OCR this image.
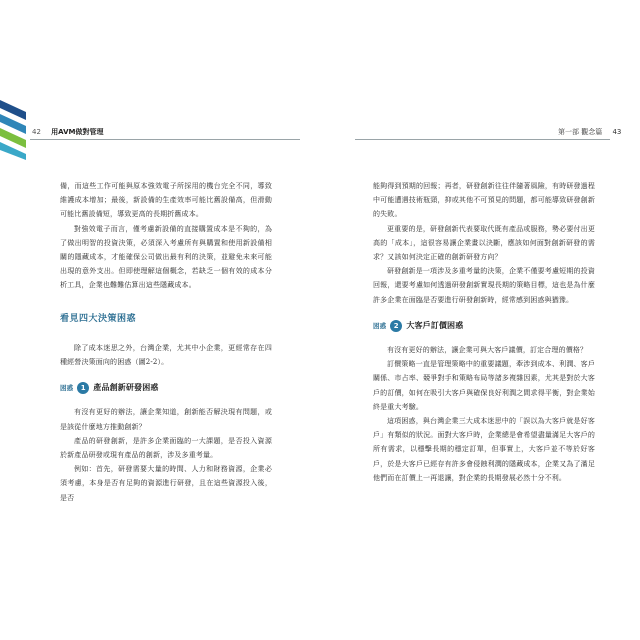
42 用AVM做對管理	第一部 觀念篇 43

備，而這些工作可能與原本強效電子所採用的機台完全不同，導致維護成本增加；最後，新設備的生產效率可能比舊設備高，但滑動可能比舊設備短，導致更高的長期折舊成本。

對強效電子而言，僅考慮新設備的直接購置成本是不夠的，為了做出明智的投資決策，必須深入考慮所有與購置和使用新設備相關的隱藏成本，才能確保公司做出最有利的決策，並避免未來可能出現的意外支出。但即使理解這個概念，若缺乏一個有效的成本分析工具，企業也難難估算出這些隱藏成本。

看見四大決策困惑

除了成本迷思之外，台灣企業，尤其中小企業，更經常存在四種經營決策面向的困惑（圖2-2）。

困惑	1 產品創新研發困惑

有沒有更好的辦法，讓企業知道，創新能否解決現有問題，或是該從什麼地方推動創新？

產品的研發創新，是許多企業面臨的一大課題，是否投入資源於新產品研發或現有產品的創新，涉及多重考量。

例如：首先，研發需要大量的時間、人力和財務資源，企業必須考慮，本身是否有足夠的資源進行研發，且在這些資源投入後，是否

能夠得到預期的回報；再者，研發創新往往伴隨著風險，有時研發過程中可能遭遇技術瓶頸，抑或其他不可預見的問題，都可能導致研發創新的失敗。

更重要的是，研發創新代表要取代既有產品或服務，勢必要付出更高的「成本」，這很容易讓企業畫以決斷，應該如何面對創新研發的需求？又該如何決定正確的創新研發方向？

研發創新是一項涉及多重考量的決策，企業不僅要考慮短期的投資回報，還要考慮如何透過研發創新實現長期的策略目標，這也是為什麼許多企業在面臨是否要進行研發創新時，經常感到困惑與猶豫。

困惑	2 大客戶訂價困惑

有沒有更好的辦法，讓企業可與大客戶議價，訂定合理的價格？

訂價策略一直是管理策略中的重要議題，牽涉到成本、利潤、客戶關係、市占率、競爭對手和策略布局等諸多複雜因素，尤其是對於大客戶的訂價，如何在吸引大客戶與確保良好利潤之間求得平衡，對企業始終是重大考驗。

這項困惑，與台灣企業三大成本迷思中的「誤以為大客戶就是好客戶」有類似的狀況。面對大客戶時，企業總是會希望盡量滿足大客戶的所有需求，以穩擊長期的穩定訂單，但事實上，大客戶並不等於好客戶，於是大客戶已經存有許多會侵蝕利潤的隱藏成本，企業又為了滿足他們而在訂價上一再退讓，對企業的長期發展必然十分不利。
